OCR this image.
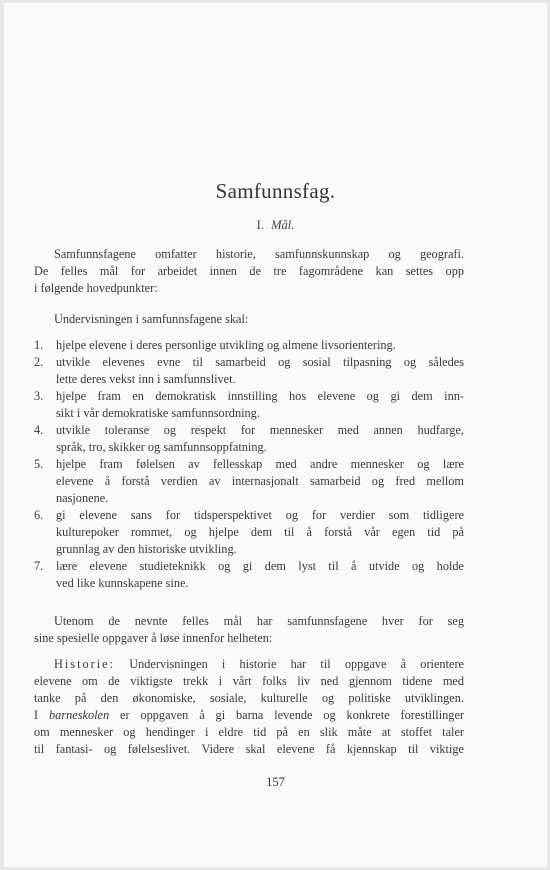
Samfunnsfag.
I. Mål.
Samfunnsfagene omfatter historie, samfunnskunnskap og geografi.
De felles mål for arbeidet innen de tre fagområdene kan settes opp
i følgende hovedpunkter:
Undervisningen i samfunnsfagene skal:
1.	hjelpe elevene i deres personlige utvikling og almene livsorientering.
2.	utvikle elevenes evne til samarbeid og sosial tilpasning og således
lette deres vekst inn i samfunnslivet.
3.	hjelpe fram en demokratisk innstilling hos elevene og gi dem inn-
sikt i vår demokratiske samfunnsordning.
4.	utvikle toleranse og respekt for mennesker med annen hudfarge,
språk, tro, skikker og samfunnsoppfatning.
5.	hjelpe fram følelsen av fellesskap med andre mennesker og lære
elevene å forstå verdien av internasjonalt samarbeid og fred mellom
nasjonene.
6.	gi elevene sans for tidsperspektivet og for verdier som tidligere
kulturepoker rommet, og hjelpe dem til å forstå vår egen tid på
grunnlag av den historiske utvikling.
7.	lære elevene studieteknikk og gi dem lyst til å utvide og holde
ved like kunnskapene sine.
Utenom de nevnte felles mål har samfunnsfagene hver for seg
sine spesielle oppgaver å løse innenfor helheten:
Historie: Undervisningen i historie har til oppgave å orientere
elevene om de viktigste trekk i vårt folks liv ned gjennom tidene med
tanke på den økonomiske, sosiale, kulturelle og politiske utviklingen.
I barneskolen er oppgaven å gi barna levende og konkrete forestillinger
om mennesker og hendinger i eldre tid på en slik måte at stoffet taler
til fantasi- og følelseslivet. Videre skal elevene få kjennskap til viktige
157
